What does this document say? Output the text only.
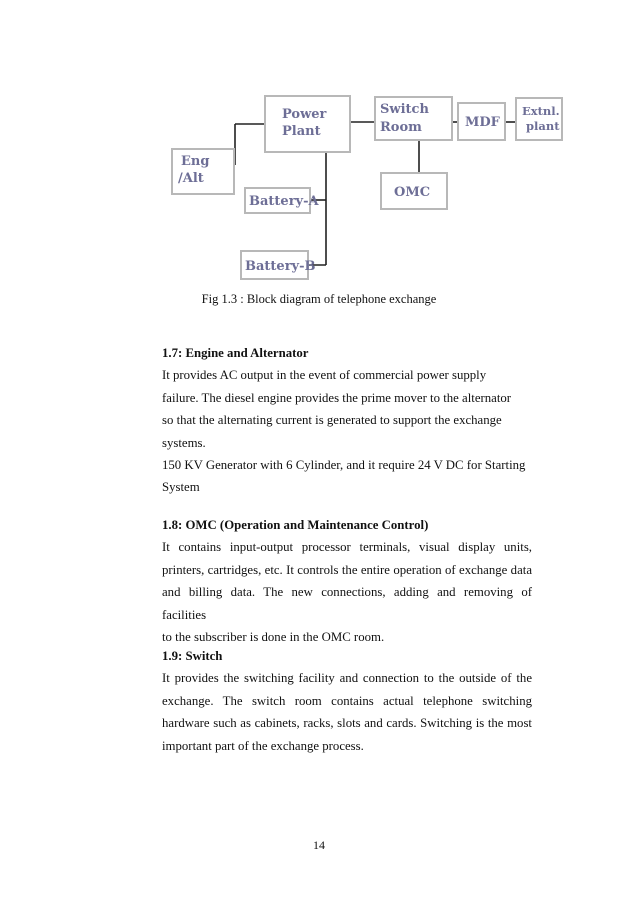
Power
Plant
Switch
Room	MDF
Extnl.
plant
Eng
/Alt
Battery-A
OMC
Battery-B
Fig 1.3 : Block diagram of telephone exchange

1.7: Engine and Alternator

It provides AC output in the event of commercial power supply

failure. The diesel engine provides the prime mover to the alternator

so that the alternating current is generated to support the exchange

systems.

150 KV Generator with 6 Cylinder, and it require 24 V DC for Starting

System

1.8: OMC (Operation and Maintenance Control)

It contains input-output processor terminals, visual display units,
printers, cartridges, etc. It controls the entire operation of exchange data
and billing data. The new connections, adding and removing of facilities
to the subscriber is done in the OMC room.

1.9: Switch

It provides the switching facility and connection to the outside of the
exchange. The switch room contains actual telephone switching
hardware such as cabinets, racks, slots and cards. Switching is the most
important part of the exchange process.
14
